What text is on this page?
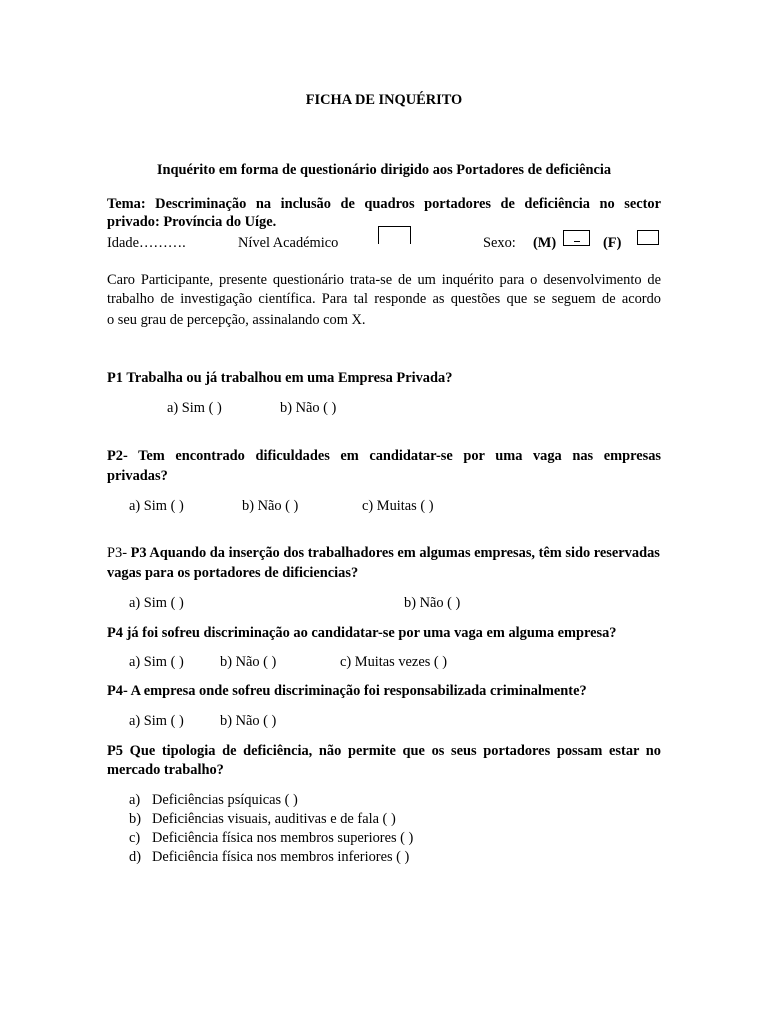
FICHA DE INQUÉRITO
Inquérito em forma de questionário dirigido aos Portadores de deficiência
Tema: Descriminação na inclusão de quadros portadores de deficiência no sector
privado: Província do Uíge.
Idade……….	Nível Académico	Sexo: (M)	(F)
Caro Participante, presente questionário trata-se de um inquérito para o desenvolvimento de
trabalho de investigação científica. Para tal responde as questões que se seguem de acordo
o seu grau de percepção, assinalando com X.
P1 Trabalha ou já trabalhou em uma Empresa Privada?
a) Sim ( )	b) Não ( )
P2- Tem encontrado dificuldades em candidatar-se por uma vaga nas empresas
privadas?
a) Sim ( )	b) Não ( )	c) Muitas ( )
P3- P3 Aquando da inserção dos trabalhadores em algumas empresas, têm sido reservadas
vagas para os portadores de dificiencias?
a) Sim ( )	b) Não ( )
P4 já foi sofreu discriminação ao candidatar-se por uma vaga em alguma empresa?
a) Sim ( )	b) Não ( )	c) Muitas vezes ( )
P4- A empresa onde sofreu discriminação foi responsabilizada criminalmente?
a) Sim ( )	b) Não ( )
P5 Que tipologia de deficiência, não permite que os seus portadores possam estar no
mercado trabalho?
a) Deficiências psíquicas ( )
b) Deficiências visuais, auditivas e de fala ( )
c) Deficiência física nos membros superiores ( )
d) Deficiência física nos membros inferiores ( )
